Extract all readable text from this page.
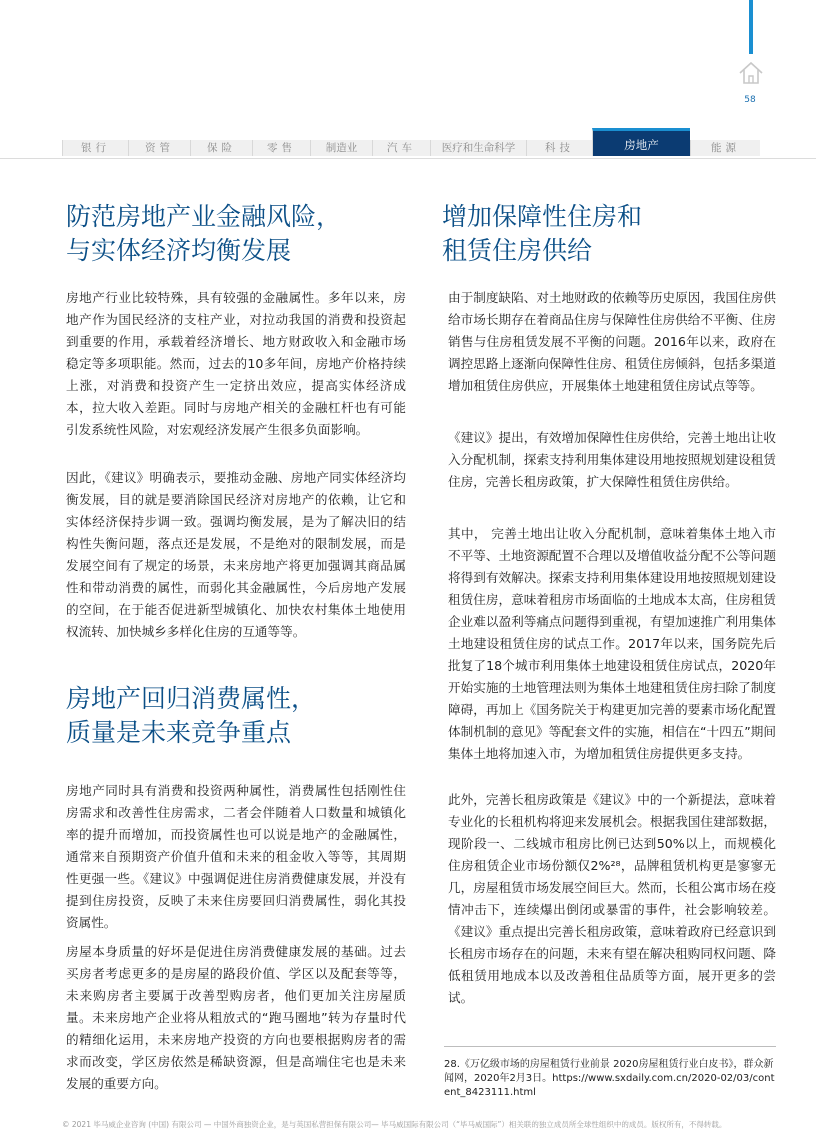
58
银行	资管	保险	零售	制造业	汽车	医疗和生命科学	科技	房地产	能源
防范房地产业金融风险，
与实体经济均衡发展

房地产行业比较特殊，具有较强的金融属性。多年以来，房地产作为国民经济的支柱产业，对拉动我国的消费和投资起到重要的作用，承载着经济增长、地方财政收入和金融市场稳定等多项职能。然而，过去的10多年间，房地产价格持续上涨，对消费和投资产生一定挤出效应，提高实体经济成本，拉大收入差距。同时与房地产相关的金融杠杆也有可能引发系统性风险，对宏观经济发展产生很多负面影响。

因此，《建议》明确表示，要推动金融、房地产同实体经济均衡发展，目的就是要消除国民经济对房地产的依赖，让它和实体经济保持步调一致。强调均衡发展，是为了解决旧的结构性失衡问题，落点还是发展，不是绝对的限制发展，而是发展空间有了规定的场景，未来房地产将更加强调其商品属性和带动消费的属性，而弱化其金融属性，今后房地产发展的空间，在于能否促进新型城镇化、加快农村集体土地使用权流转、加快城乡多样化住房的互通等等。

房地产回归消费属性，
质量是未来竞争重点

房地产同时具有消费和投资两种属性，消费属性包括刚性住房需求和改善性住房需求，二者会伴随着人口数量和城镇化率的提升而增加，而投资属性也可以说是地产的金融属性，通常来自预期资产价值升值和未来的租金收入等等，其周期性更强一些。《建议》中强调促进住房消费健康发展，并没有提到住房投资，反映了未来住房要回归消费属性，弱化其投资属性。

房屋本身质量的好坏是促进住房消费健康发展的基础。过去买房者考虑更多的是房屋的路段价值、学区以及配套等等，未来购房者主要属于改善型购房者，他们更加关注房屋质量。未来房地产企业将从粗放式的“跑马圈地”转为存量时代的精细化运用，未来房地产投资的方向也要根据购房者的需求而改变，学区房依然是稀缺资源，但是高端住宅也是未来发展的重要方向。

增加保障性住房和
租赁住房供给

由于制度缺陷、对土地财政的依赖等历史原因，我国住房供给市场长期存在着商品住房与保障性住房供给不平衡、住房销售与住房租赁发展不平衡的问题。2016年以来，政府在调控思路上逐渐向保障性住房、租赁住房倾斜，包括多渠道增加租赁住房供应，开展集体土地建租赁住房试点等等。

《建议》提出，有效增加保障性住房供给，完善土地出让收入分配机制，探索支持利用集体建设用地按照规划建设租赁住房，完善长租房政策，扩大保障性租赁住房供给。

其中， 完善土地出让收入分配机制，意味着集体土地入市不平等、土地资源配置不合理以及增值收益分配不公等问题将得到有效解决。探索支持利用集体建设用地按照规划建设租赁住房，意味着租房市场面临的土地成本太高，住房租赁企业难以盈利等痛点问题得到重视，有望加速推广利用集体土地建设租赁住房的试点工作。2017年以来，国务院先后批复了18个城市利用集体土地建设租赁住房试点，2020年开始实施的土地管理法则为集体土地建租赁住房扫除了制度障碍，再加上《国务院关于构建更加完善的要素市场化配置体制机制的意见》等配套文件的实施，相信在“十四五”期间集体土地将加速入市，为增加租赁住房提供更多支持。

此外，完善长租房政策是《建议》中的一个新提法，意味着专业化的长租机构将迎来发展机会。根据我国住建部数据，现阶段一、二线城市租房比例已达到50%以上，而规模化住房租赁企业市场份额仅2%²⁸，品牌租赁机构更是寥寥无几，房屋租赁市场发展空间巨大。然而，长租公寓市场在疫情冲击下，连续爆出倒闭或暴雷的事件，社会影响较差。《建议》重点提出完善长租房政策，意味着政府已经意识到长租房市场存在的问题，未来有望在解决租购同权问题、降低租赁用地成本以及改善租住品质等方面，展开更多的尝试。

28.《万亿级市场的房屋租赁行业前景 2020房屋租赁行业白皮书》，群众新闻网，2020年2月3日。https://www.sxdaily.com.cn/2020-02/03/content_8423111.html

© 2021 毕马威企业咨询 (中国) 有限公司 — 中国外商独资企业，是与英国私营担保有限公司— 毕马威国际有限公司（“毕马威国际”）相关联的独立成员所全球性组织中的成员。版权所有，不得转载。
